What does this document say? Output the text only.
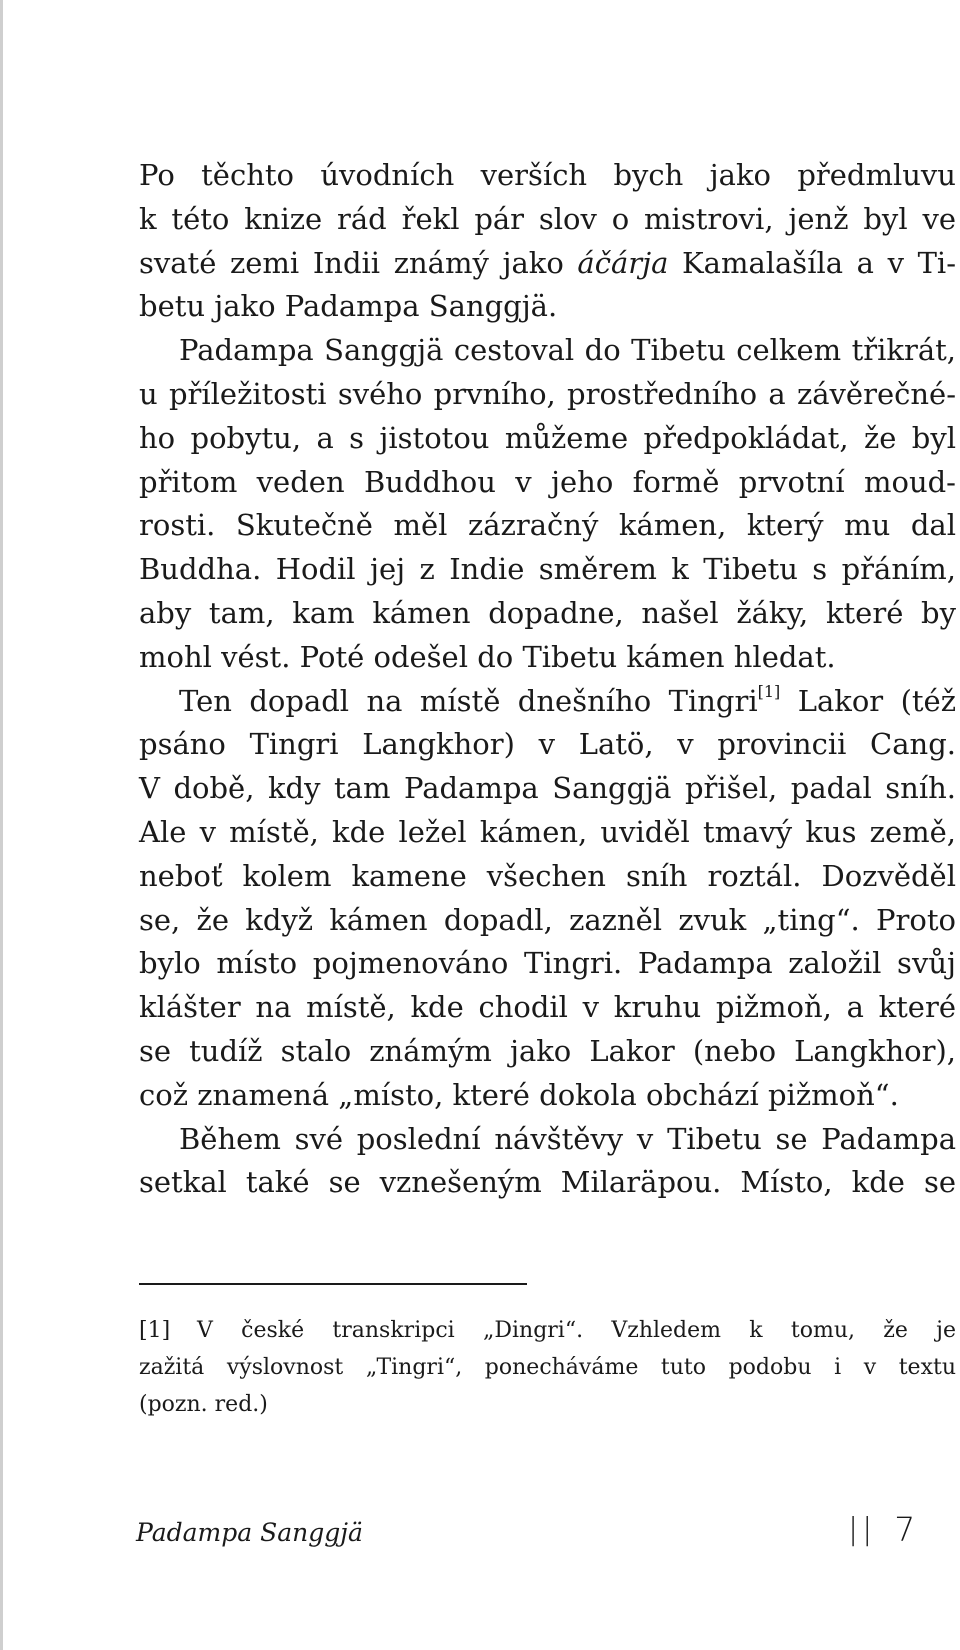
Po těchto úvodních verších bych jako předmluvu
k této knize rád řekl pár slov o mistrovi, jenž byl ve
svaté zemi Indii známý jako áčárja Kamalašíla a v Ti-
betu jako Padampa Sanggjä.
Padampa Sanggjä cestoval do Tibetu celkem třikrát,
u příležitosti svého prvního, prostředního a závěrečné-
ho pobytu, a s jistotou můžeme předpokládat, že byl
přitom veden Buddhou v jeho formě prvotní moud-
rosti. Skutečně měl zázračný kámen, který mu dal
Buddha. Hodil jej z Indie směrem k Tibetu s přáním,
aby tam, kam kámen dopadne, našel žáky, které by
mohl vést. Poté odešel do Tibetu kámen hledat.
Ten dopadl na místě dnešního Tingri[1] Lakor (též
psáno Tingri Langkhor) v Latö, v provincii Cang.
V době, kdy tam Padampa Sanggjä přišel, padal sníh.
Ale v místě, kde ležel kámen, uviděl tmavý kus země,
neboť kolem kamene všechen sníh roztál. Dozvěděl
se, že když kámen dopadl, zazněl zvuk „ting“. Proto
bylo místo pojmenováno Tingri. Padampa založil svůj
klášter na místě, kde chodil v kruhu pižmoň, a které
se tudíž stalo známým jako Lakor (nebo Langkhor),
což znamená „místo, které dokola obchází pižmoň“.
Během své poslední návštěvy v Tibetu se Padampa
setkal také se vznešeným Milaräpou. Místo, kde se
[1] V české transkripci „Dingri“. Vzhledem k tomu, že je
zažitá výslovnost „Tingri“, ponecháváme tuto podobu i v textu
(pozn. red.)
Padampa Sanggjä	|| 7
